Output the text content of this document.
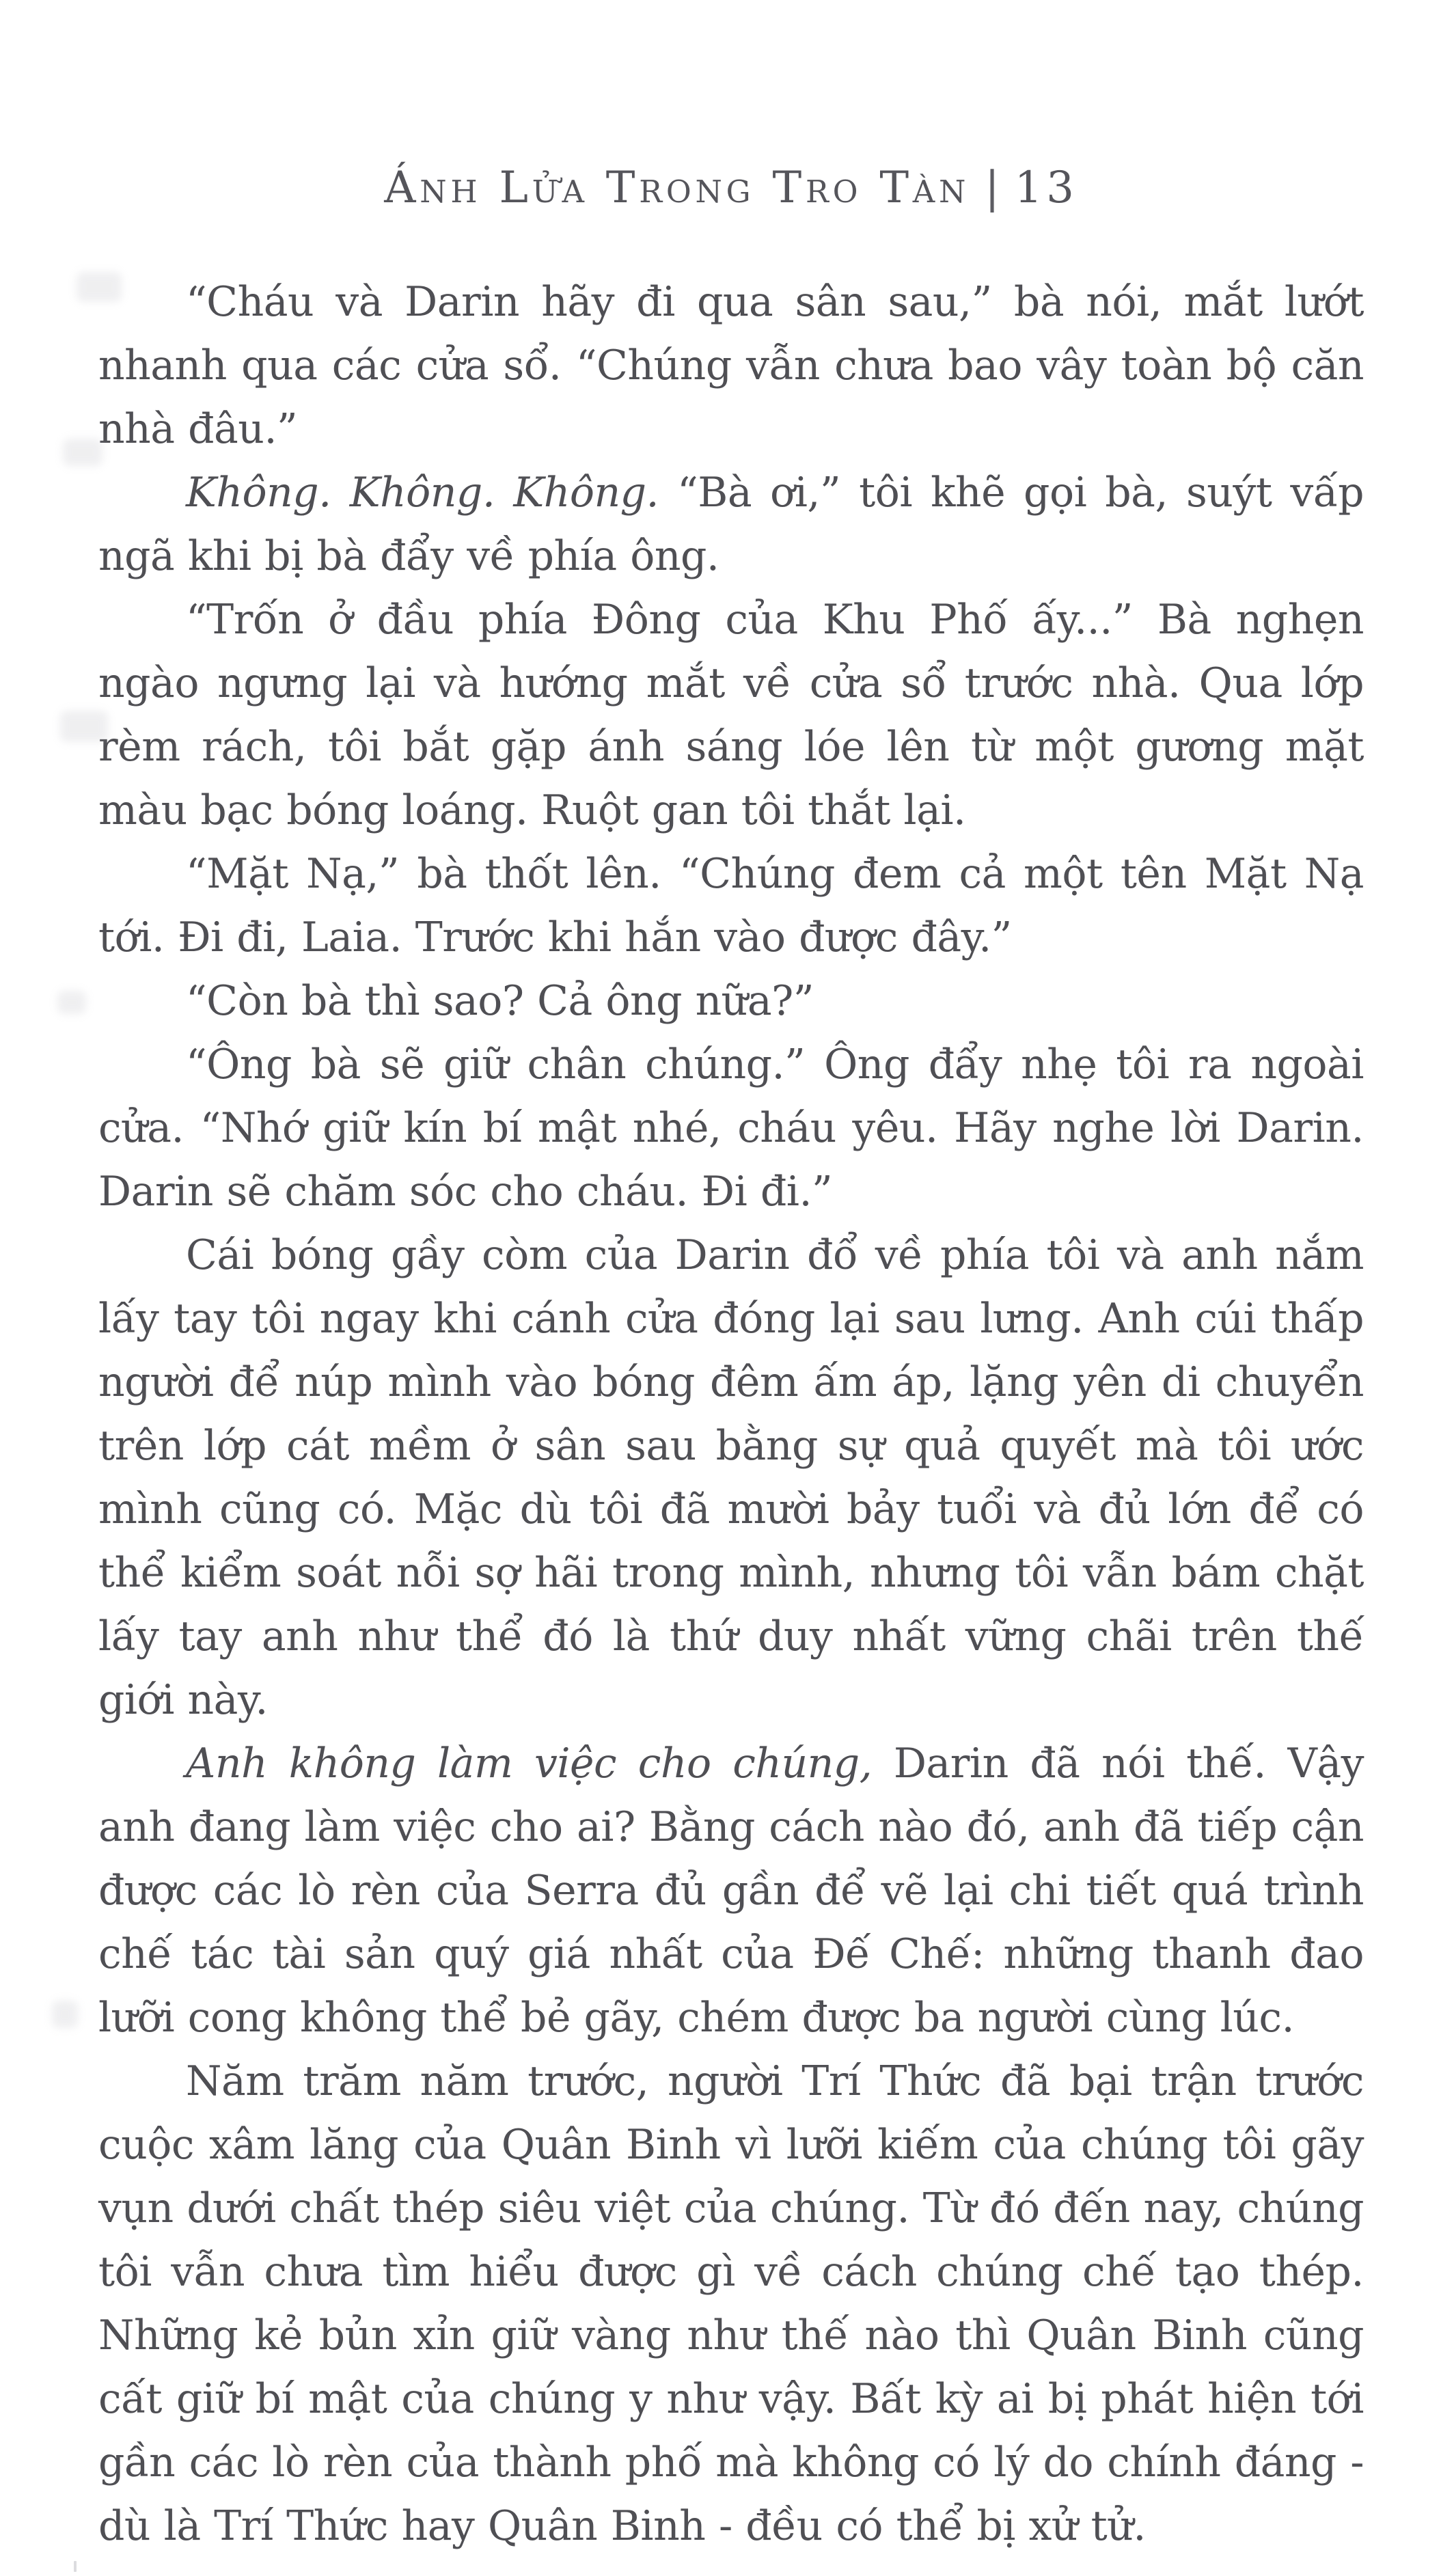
Ánh Lửa Trong Tro Tàn | 13

“Cháu và Darin hãy đi qua sân sau,” bà nói, mắt lướt nhanh qua các cửa sổ. “Chúng vẫn chưa bao vây toàn bộ căn nhà đâu.”

Không. Không. Không. “Bà ơi,” tôi khẽ gọi bà, suýt vấp ngã khi bị bà đẩy về phía ông.

“Trốn ở đầu phía Đông của Khu Phố ấy...” Bà nghẹn ngào ngưng lại và hướng mắt về cửa sổ trước nhà. Qua lớp rèm rách, tôi bắt gặp ánh sáng lóe lên từ một gương mặt màu bạc bóng loáng. Ruột gan tôi thắt lại.

“Mặt Nạ,” bà thốt lên. “Chúng đem cả một tên Mặt Nạ tới. Đi đi, Laia. Trước khi hắn vào được đây.”

“Còn bà thì sao? Cả ông nữa?”

“Ông bà sẽ giữ chân chúng.” Ông đẩy nhẹ tôi ra ngoài cửa. “Nhớ giữ kín bí mật nhé, cháu yêu. Hãy nghe lời Darin. Darin sẽ chăm sóc cho cháu. Đi đi.”

Cái bóng gầy còm của Darin đổ về phía tôi và anh nắm lấy tay tôi ngay khi cánh cửa đóng lại sau lưng. Anh cúi thấp người để núp mình vào bóng đêm ấm áp, lặng yên di chuyển trên lớp cát mềm ở sân sau bằng sự quả quyết mà tôi ước mình cũng có. Mặc dù tôi đã mười bảy tuổi và đủ lớn để có thể kiểm soát nỗi sợ hãi trong mình, nhưng tôi vẫn bám chặt lấy tay anh như thể đó là thứ duy nhất vững chãi trên thế giới này.

Anh không làm việc cho chúng, Darin đã nói thế. Vậy anh đang làm việc cho ai? Bằng cách nào đó, anh đã tiếp cận được các lò rèn của Serra đủ gần để vẽ lại chi tiết quá trình chế tác tài sản quý giá nhất của Đế Chế: những thanh đao lưỡi cong không thể bẻ gãy, chém được ba người cùng lúc.

Năm trăm năm trước, người Trí Thức đã bại trận trước cuộc xâm lăng của Quân Binh vì lưỡi kiếm của chúng tôi gãy vụn dưới chất thép siêu việt của chúng. Từ đó đến nay, chúng tôi vẫn chưa tìm hiểu được gì về cách chúng chế tạo thép. Những kẻ bủn xỉn giữ vàng như thế nào thì Quân Binh cũng cất giữ bí mật của chúng y như vậy. Bất kỳ ai bị phát hiện tới gần các lò rèn của thành phố mà không có lý do chính đáng - dù là Trí Thức hay Quân Binh - đều có thể bị xử tử.
